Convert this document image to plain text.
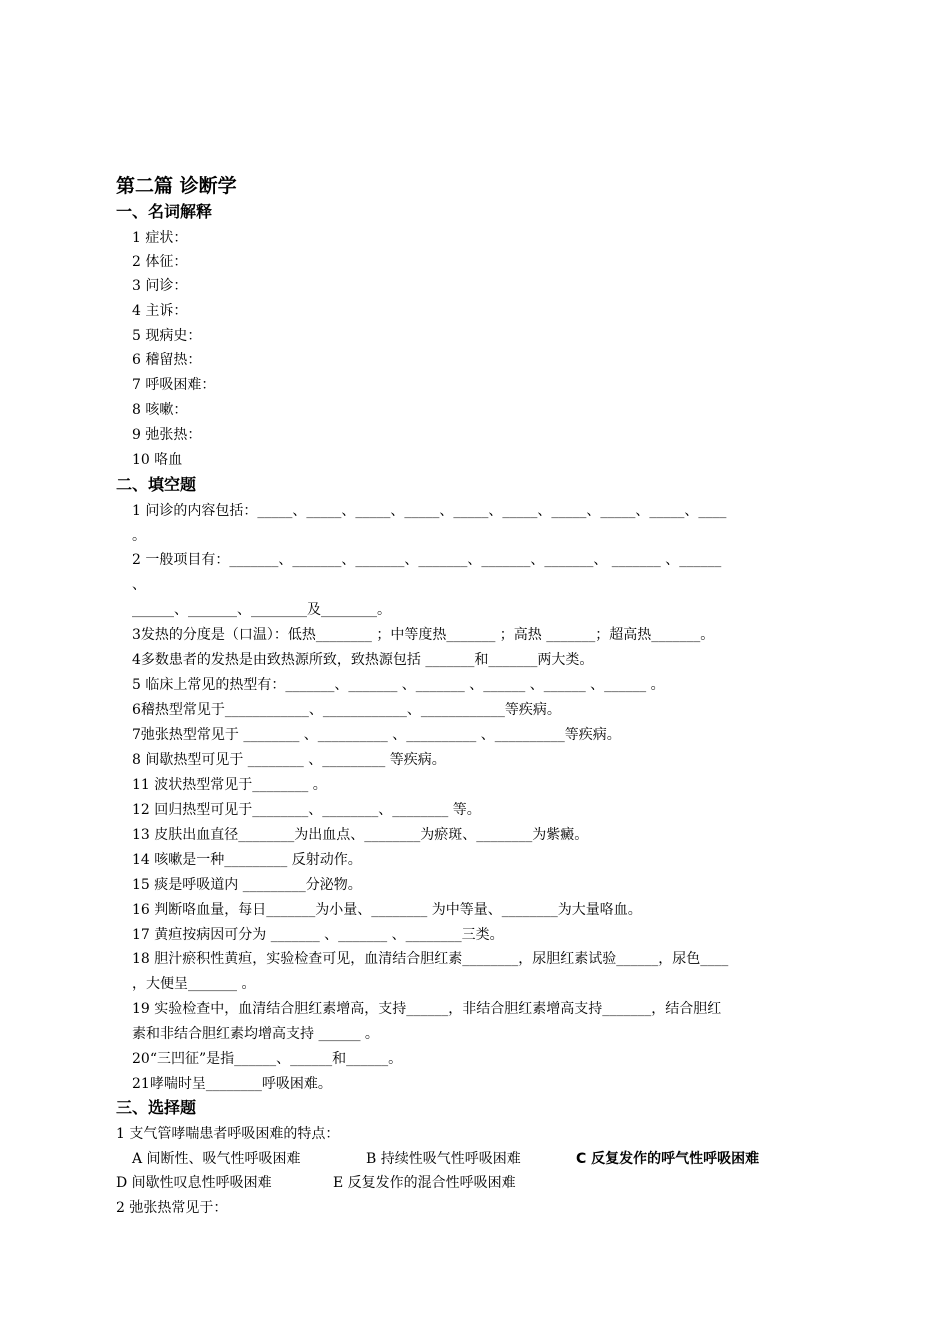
第二篇 诊断学
一、名词解释
1 症状：
2 体征：
3 问诊：
4 主诉：
5 现病史：
6 稽留热：
7 呼吸困难：
8 咳嗽：
9 弛张热：
10 咯血
二、填空题
1 问诊的内容包括：_____、_____、_____、_____、_____、_____、_____、_____、_____、____
。
2 一般项目有：_______、_______、_______、_______、_______、_______、 _______ 、______
、
______、_______、________及________。
3发热的分度是（口温）：低热________ ；中等度热_______ ；高热 _______；超高热_______。
4多数患者的发热是由致热源所致，致热源包括 _______和_______两大类。
5 临床上常见的热型有：_______、_______ 、_______ 、______ 、______ 、______ 。
6稽热型常见于____________、____________、____________等疾病。
7弛张热型常见于 ________ 、__________ 、__________ 、__________等疾病。
8 间歇热型可见于 ________ 、_________ 等疾病。
11 波状热型常见于________ 。
12 回归热型可见于________、________、________ 等。
13 皮肤出血直径________为出血点、________为瘀斑、________为紫癜。
14 咳嗽是一种_________ 反射动作。
15 痰是呼吸道内 _________分泌物。
16 判断咯血量，每日_______为小量、________ 为中等量、________为大量咯血。
17 黄疸按病因可分为 _______ 、_______ 、________三类。
18 胆汁瘀积性黄疸，实验检查可见，血清结合胆红素________，尿胆红素试验______，尿色____
，大便呈_______ 。
19 实验检查中，血清结合胆红素增高，支持______，非结合胆红素增高支持_______，结合胆红
素和非结合胆红素均增高支持 ______ 。
20“三凹征”是指______、______和______。
21哮喘时呈________呼吸困难。
三、选择题
1 支气管哮喘患者呼吸困难的特点：
A 间断性、吸气性呼吸困难	B 持续性吸气性呼吸困难	C 反复发作的呼气性呼吸困难
D 间歇性叹息性呼吸困难	E 反复发作的混合性呼吸困难
2 弛张热常见于：
